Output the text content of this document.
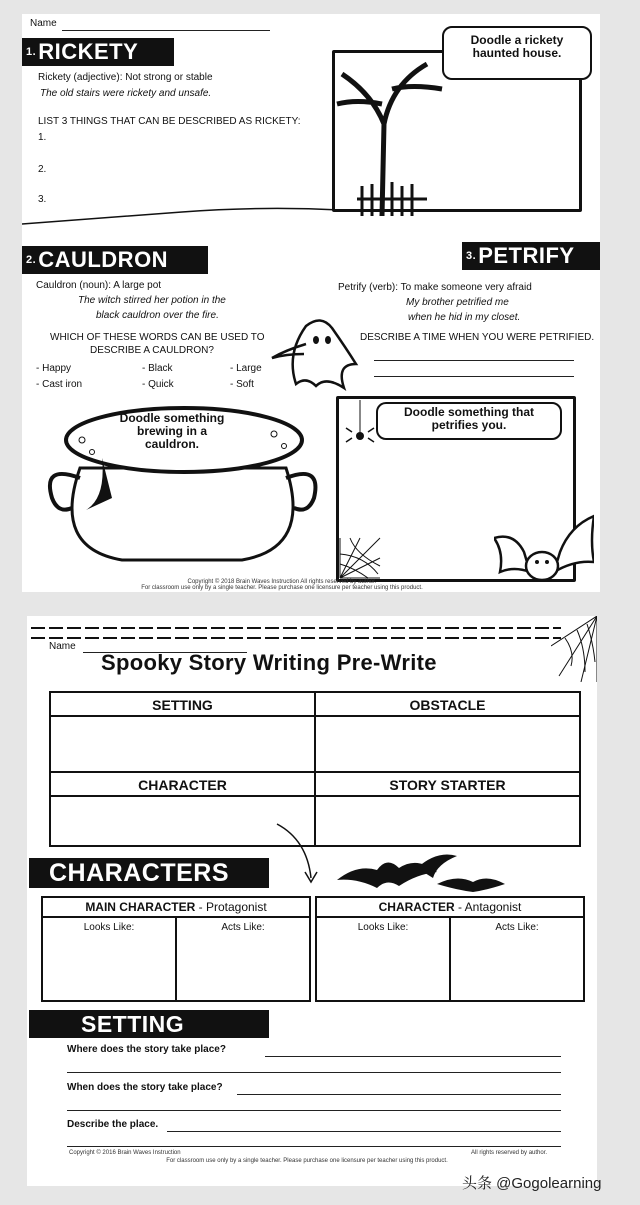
Name
$^{1.}$RICKETY
Rickety (adjective): Not strong or stable
The old stairs were rickety and unsafe.
LIST 3 THINGS THAT CAN BE DESCRIBED AS RICKETY:
1.
2.
3.
Doodle a rickety haunted house.
$^{2.}$CAULDRON
Cauldron (noun): A large pot
The witch stirred her potion in the
black cauldron over the fire.
WHICH OF THESE WORDS CAN BE USED TO
DESCRIBE A CAULDRON?
- Happy	- Black	- Large
- Cast iron	- Quick	- Soft
Doodle something brewing in a cauldron.
$^{3.}$PETRIFY
Petrify (verb): To make someone very afraid
My brother petrified me
when he hid in my closet.
DESCRIBE A TIME WHEN YOU WERE PETRIFIED.
Doodle something that petrifies you.
Copyright © 2018 Brain Waves Instruction All rights reserved by author.
For classroom use only by a single teacher. Please purchase one licensure per teacher using this product.
Name
Spooky Story Writing Pre-Write
SETTING	OBSTACLE

CHARACTER	STORY STARTER
CHARACTERS
MAIN CHARACTER - Protagonist
Looks Like:	Acts Like:
CHARACTER - Antagonist
Looks Like:	Acts Like:
SETTING
Where does the story take place?
When does the story take place?
Describe the place.
Copyright © 2016 Brain Waves Instruction	All rights reserved by author.
For classroom use only by a single teacher. Please purchase one licensure per teacher using this product.
头条 @Gogolearning
